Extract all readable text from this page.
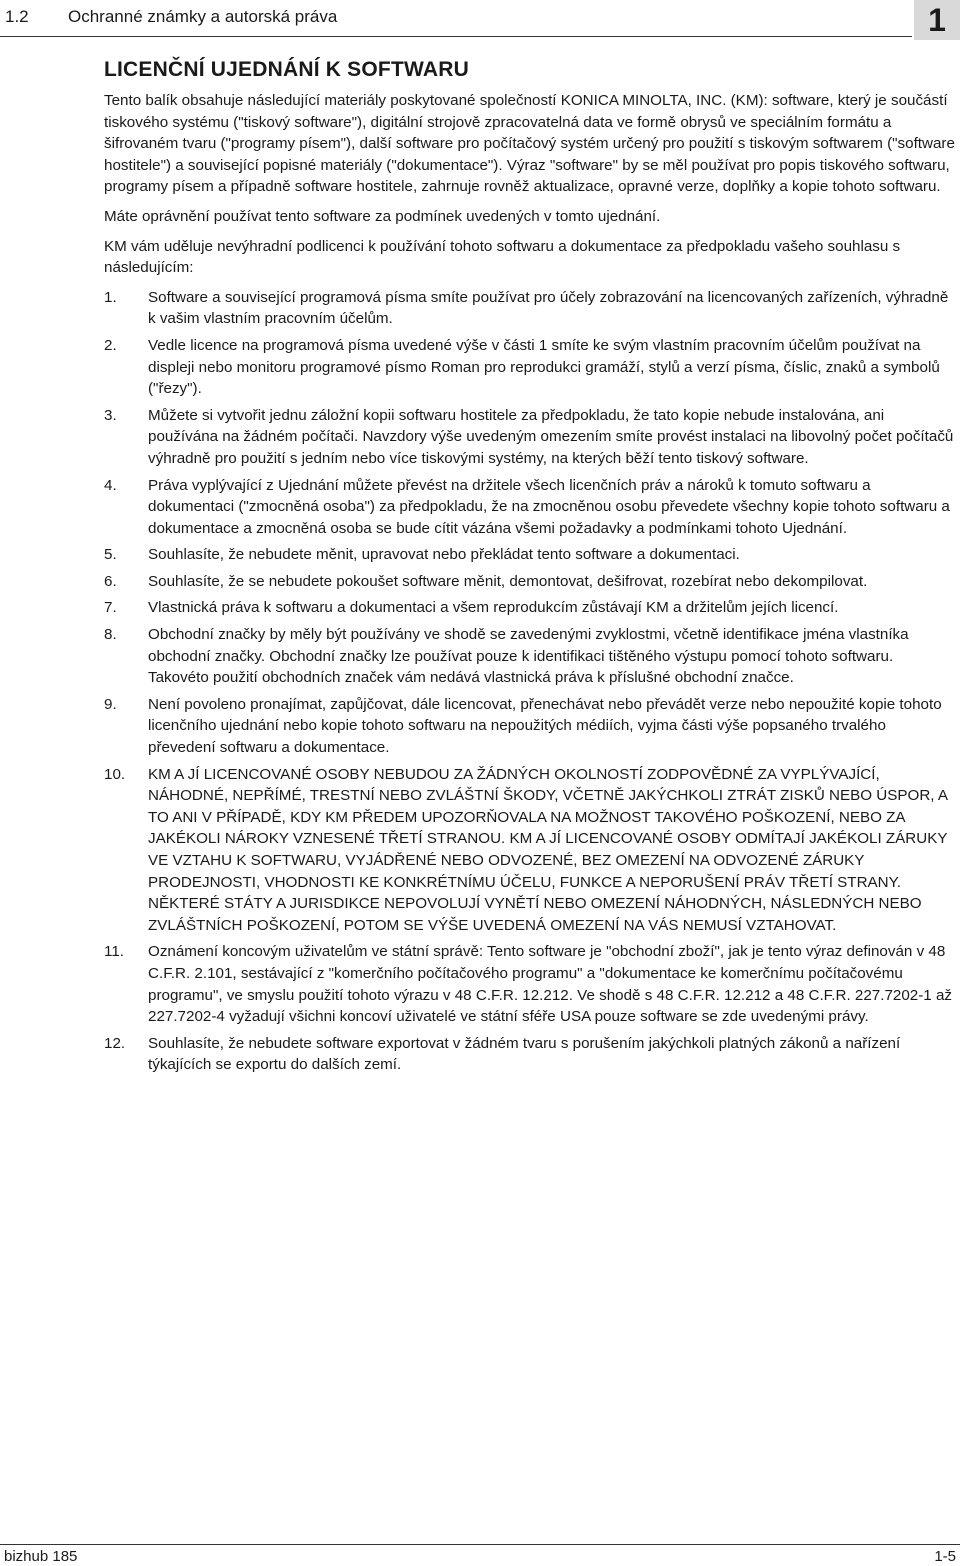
1.2 Ochranné známky a autorská práva	1
LICENČNÍ UJEDNÁNÍ K SOFTWARU

Tento balík obsahuje následující materiály poskytované společností KONICA MINOLTA, INC. (KM): software, který je součástí tiskového systému ("tiskový software"), digitální strojově zpracovatelná data ve formě obrysů ve speciálním formátu a šifrovaném tvaru ("programy písem"), další software pro počítačový systém určený pro použití s tiskovým softwarem ("software hostitele") a související popisné materiály ("dokumentace"). Výraz "software" by se měl používat pro popis tiskového softwaru, programy písem a případně software hostitele, zahrnuje rovněž aktualizace, opravné verze, doplňky a kopie tohoto softwaru.

Máte oprávnění používat tento software za podmínek uvedených v tomto ujednání.

KM vám uděluje nevýhradní podlicenci k používání tohoto softwaru a dokumentace za předpokladu vašeho souhlasu s následujícím:

1. Software a související programová písma smíte používat pro účely zobrazování na licencovaných zařízeních, výhradně k vašim vlastním pracovním účelům.
2. Vedle licence na programová písma uvedené výše v části 1 smíte ke svým vlastním pracovním účelům používat na displeji nebo monitoru programové písmo Roman pro reprodukci gramáží, stylů a verzí písma, číslic, znaků a symbolů ("řezy").
3. Můžete si vytvořit jednu záložní kopii softwaru hostitele za předpokladu, že tato kopie nebude instalována, ani používána na žádném počítači. Navzdory výše uvedeným omezením smíte provést instalaci na libovolný počet počítačů výhradně pro použití s jedním nebo více tiskovými systémy, na kterých běží tento tiskový software.
4. Práva vyplývající z Ujednání můžete převést na držitele všech licenčních práv a nároků k tomuto softwaru a dokumentaci ("zmocněná osoba") za předpokladu, že na zmocněnou osobu převedete všechny kopie tohoto softwaru a dokumentace a zmocněná osoba se bude cítit vázána všemi požadavky a podmínkami tohoto Ujednání.
5. Souhlasíte, že nebudete měnit, upravovat nebo překládat tento software a dokumentaci.
6. Souhlasíte, že se nebudete pokoušet software měnit, demontovat, dešifrovat, rozebírat nebo dekompilovat.
7. Vlastnická práva k softwaru a dokumentaci a všem reprodukcím zůstávají KM a držitelům jejích licencí.
8. Obchodní značky by měly být používány ve shodě se zavedenými zvyklostmi, včetně identifikace jména vlastníka obchodní značky. Obchodní značky lze používat pouze k identifikaci tištěného výstupu pomocí tohoto softwaru. Takovéto použití obchodních značek vám nedává vlastnická práva k příslušné obchodní značce.
9. Není povoleno pronajímat, zapůjčovat, dále licencovat, přenechávat nebo převádět verze nebo nepoužité kopie tohoto licenčního ujednání nebo kopie tohoto softwaru na nepoužitých médiích, vyjma části výše popsaného trvalého převedení softwaru a dokumentace.
10. KM A JÍ LICENCOVANÉ OSOBY NEBUDOU ZA ŽÁDNÝCH OKOLNOSTÍ ZODPOVĚDNÉ ZA VYPLÝVAJÍCÍ, NÁHODNÉ, NEPŘÍMÉ, TRESTNÍ NEBO ZVLÁŠTNÍ ŠKODY, VČETNĚ JAKÝCHKOLI ZTRÁT ZISKŮ NEBO ÚSPOR, A TO ANI V PŘÍPADĚ, KDY KM PŘEDEM UPOZORŇOVALA NA MOŽNOST TAKOVÉHO POŠKOZENÍ, NEBO ZA JAKÉKOLI NÁROKY VZNESENÉ TŘETÍ STRANOU. KM A JÍ LICENCOVANÉ OSOBY ODMÍTAJÍ JAKÉKOLI ZÁRUKY VE VZTAHU K SOFTWARU, VYJÁDŘENÉ NEBO ODVOZENÉ, BEZ OMEZENÍ NA ODVOZENÉ ZÁRUKY PRODEJNOSTI, VHODNOSTI KE KONKRÉTNÍMU ÚČELU, FUNKCE A NEPORUŠENÍ PRÁV TŘETÍ STRANY. NĚKTERÉ STÁTY A JURISDIKCE NEPOVOLUJÍ VYNĚTÍ NEBO OMEZENÍ NÁHODNÝCH, NÁSLEDNÝCH NEBO ZVLÁŠTNÍCH POŠKOZENÍ, POTOM SE VÝŠE UVEDENÁ OMEZENÍ NA VÁS NEMUSÍ VZTAHOVAT.
11. Oznámení koncovým uživatelům ve státní správě: Tento software je "obchodní zboží", jak je tento výraz definován v 48 C.F.R. 2.101, sestávající z "komerčního počítačového programu" a "dokumentace ke komerčnímu počítačovému programu", ve smyslu použití tohoto výrazu v 48 C.F.R. 12.212. Ve shodě s 48 C.F.R. 12.212 a 48 C.F.R. 227.7202-1 až 227.7202-4 vyžadují všichni koncoví uživatelé ve státní sféře USA pouze software se zde uvedenými právy.
12. Souhlasíte, že nebudete software exportovat v žádném tvaru s porušením jakýchkoli platných zákonů a nařízení týkajících se exportu do dalších zemí.
bizhub 185	1-5
